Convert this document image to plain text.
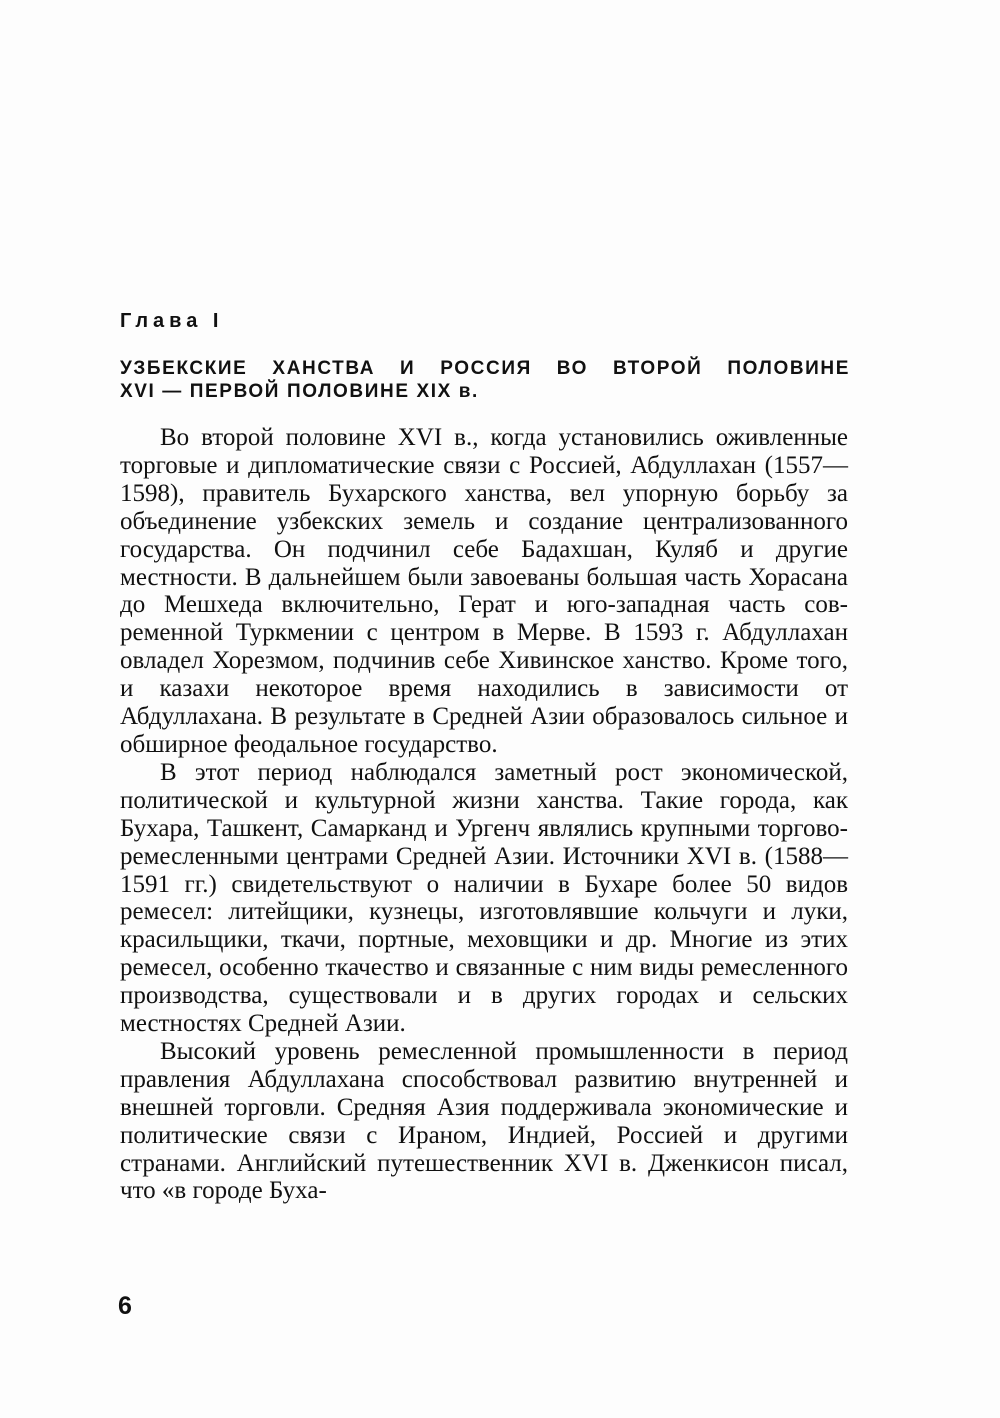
Глава I
УЗБЕКСКИЕ ХАНСТВА И РОССИЯ ВО ВТОРОЙ ПОЛОВИНЕ
XVI — ПЕРВОЙ ПОЛОВИНЕ XIX в.

Во второй половине XVI в., когда установились оживленные торговые и дипломатические связи с Россией, Абдуллахан (1557—1598), правитель Бухарского ханства, вел упорную борьбу за объединение узбекских земель и создание централизованного государства. Он подчинил себе Бадахшан, Куляб и другие местности. В дальнейшем были завоеваны большая часть Хорасана до Мешхеда включительно, Герат и юго-западная часть современной Туркмении с центром в Мерве. В 1593 г. Абдуллахан овладел Хорезмом, подчинив себе Хивинское ханство. Кроме того, и казахи некоторое время находились в зависимости от Абдуллахана. В результате в Средней Азии образовалось сильное и обширное феодальное государство.

В этот период наблюдался заметный рост экономической, политической и культурной жизни ханства. Такие города, как Бухара, Ташкент, Самарканд и Ургенч являлись крупными торгово-ремесленными центрами Средней Азии. Источники XVI в. (1588—1591 гг.) свидетельствуют о наличии в Бухаре более 50 видов ремесел: литейщики, кузнецы, изготовлявшие кольчуги и луки, красильщики, ткачи, портные, меховщики и др. Многие из этих ремесел, особенно ткачество и связанные с ним виды ремесленного производства, существовали и в других городах и сельских местностях Средней Азии.

Высокий уровень ремесленной промышленности в период правления Абдуллахана способствовал развитию внутренней и внешней торговли. Средняя Азия поддерживала экономические и политические связи с Ираном, Индией, Россией и другими странами. Английский путешественник XVI в. Дженкисон писал, что «в городе Буха-

6
